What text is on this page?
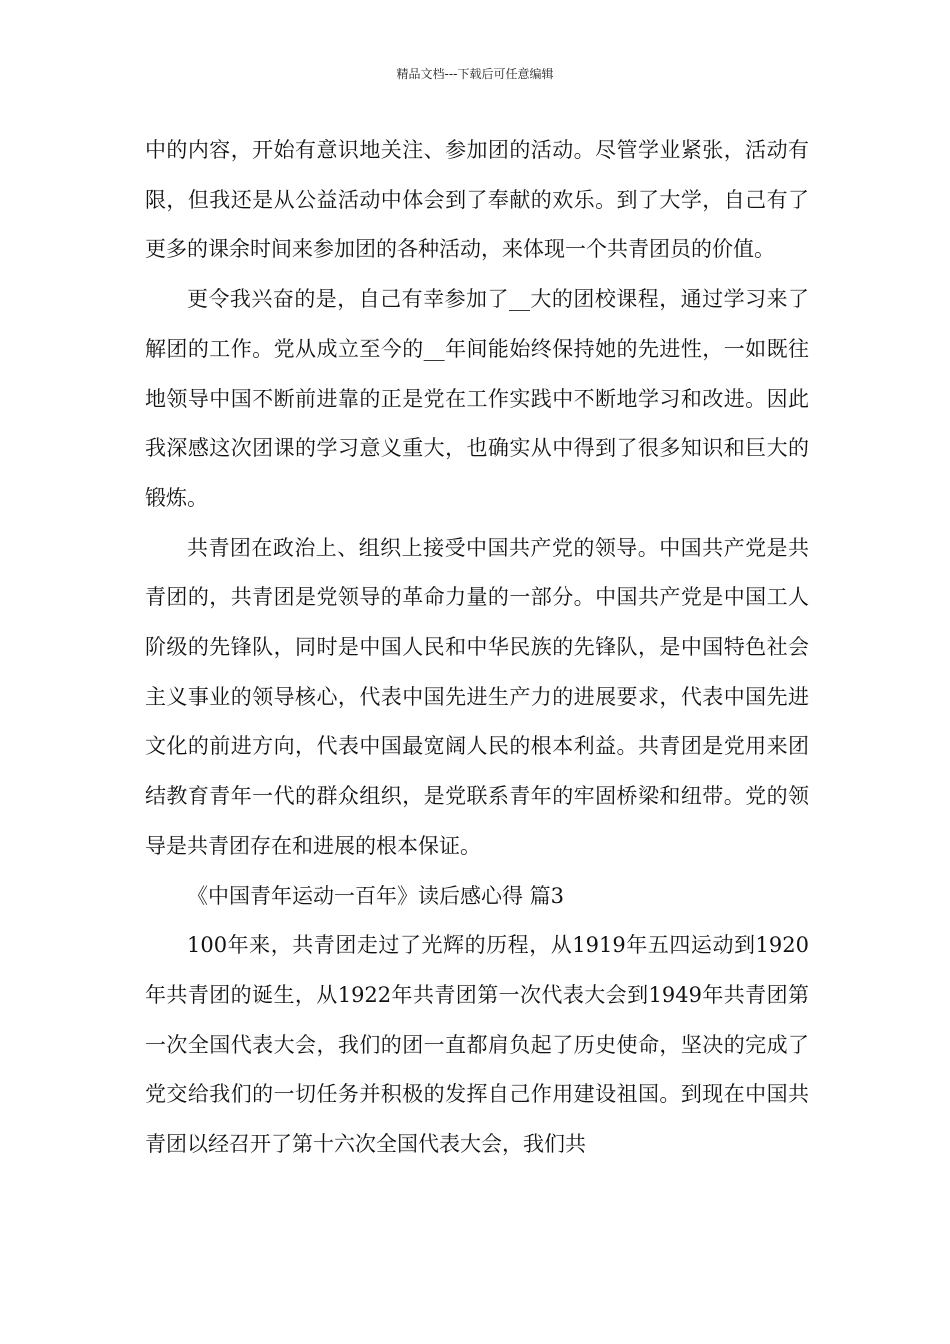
精品文档---下载后可任意编辑

中的内容，开始有意识地关注、参加团的活动。尽管学业紧张，活动有限，但我还是从公益活动中体会到了奉献的欢乐。到了大学，自己有了更多的课余时间来参加团的各种活动，来体现一个共青团员的价值。

更令我兴奋的是，自己有幸参加了__大的团校课程，通过学习来了解团的工作。党从成立至今的__年间能始终保持她的先进性，一如既往地领导中国不断前进靠的正是党在工作实践中不断地学习和改进。因此我深感这次团课的学习意义重大，也确实从中得到了很多知识和巨大的锻炼。

共青团在政治上、组织上接受中国共产党的领导。中国共产党是共青团的，共青团是党领导的革命力量的一部分。中国共产党是中国工人阶级的先锋队，同时是中国人民和中华民族的先锋队，是中国特色社会主义事业的领导核心，代表中国先进生产力的进展要求，代表中国先进文化的前进方向，代表中国最宽阔人民的根本利益。共青团是党用来团结教育青年一代的群众组织，是党联系青年的牢固桥梁和纽带。党的领导是共青团存在和进展的根本保证。

《中国青年运动一百年》读后感心得 篇3

100年来，共青团走过了光辉的历程，从1919年五四运动到1920年共青团的诞生，从1922年共青团第一次代表大会到1949年共青团第一次全国代表大会，我们的团一直都肩负起了历史使命，坚决的完成了党交给我们的一切任务并积极的发挥自己作用建设祖国。到现在中国共青团以经召开了第十六次全国代表大会，我们共
